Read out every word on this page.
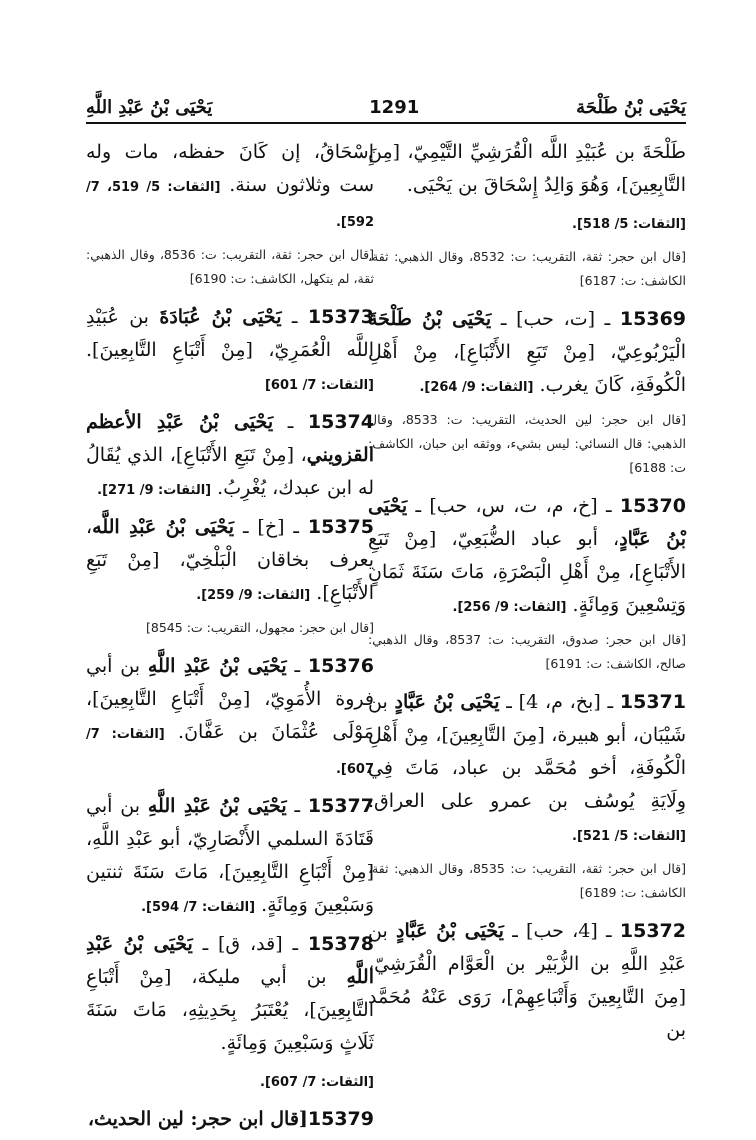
يَحْيَى بْنُ طَلْحَة
1291
يَحْيَى بْنُ عَبْدِ اللَّهِ

طَلْحَةَ بن عُبَيْدِ اللَّه الْقُرَشِيِّ التَّيْمِيّ، [مِنَ التَّابِعِينَ]، وَهُوَ وَالِدُ إِسْحَاقَ بن يَحْيَى.

[الثقات: 5/ 518].

[قال ابن حجر: ثقة، التقريب: ت: 8532، وقال الذهبي: ثقة، الكاشف: ت: 6187]

15369 ـ [ت، حب] ـ يَحْيَى بْنُ طَلْحَةَ الْيَرْبُوعِيّ، [مِنْ تَبَعِ الأَتْبَاعِ]، مِنْ أَهْلِ الْكُوفَةِ، كَانَ يغرب. [الثقات: 9/ 264].

[قال ابن حجر: لين الحديث، التقريب: ت: 8533، وقال الذهبي: قال النسائي: ليس بشيء، ووثقه ابن حبان، الكاشف: ت: 6188]

15370 ـ [خ، م، ت، س، حب] ـ يَحْيَى بْنُ عَبَّادٍ، أبو عباد الضُّبَعِيّ، [مِنْ تَبَعِ الأَتْبَاعِ]، مِنْ أَهْلِ الْبَصْرَةِ، مَاتَ سَنَةَ ثَمَانٍ وَتِسْعِينَ وَمِائَةٍ. [الثقات: 9/ 256].

[قال ابن حجر: صدوق، التقريب: ت: 8537، وقال الذهبي: صالح، الكاشف: ت: 6191]

15371 ـ [بخ، م، 4] ـ يَحْيَى بْنُ عَبَّادٍ بن شَيْبَان، أبو هبيرة، [مِنَ التَّابِعِينَ]، مِنْ أَهْلِ الْكُوفَةِ، أخو مُحَمَّد بن عباد، مَاتَ فِي وِلَايَةِ يُوسُف بن عمرو على العراق. [الثقات: 5/ 521].

[قال ابن حجر: ثقة، التقريب: ت: 8535، وقال الذهبي: ثقة، الكاشف: ت: 6189]

15372 ـ [4، حب] ـ يَحْيَى بْنُ عَبَّادٍ بن عَبْدِ اللَّهِ بن الزُّبَيْر بن الْعَوَّام الْقُرَشِيّ، [مِنَ التَّابِعِينَ وَأَتْبَاعِهِمْ]، رَوَى عَنْهُ مُحَمَّد بن

إِسْحَاقُ، إن كَانَ حفظه، مات وله ست وثلاثون سنة. [الثقات: 5/ 519، 7/ 592].

[قال ابن حجر: ثقة، التقريب: ت: 8536، وقال الذهبي: ثقة، لم يتكهل، الكاشف: ت: 6190]

15373 ـ يَحْيَى بْنُ عُبَادَةَ بن عُبَيْدِ اللَّه الْعُمَرِيّ، [مِنْ أَتْبَاعِ التَّابِعِينَ]. [الثقات: 7/ 601]

15374 ـ يَحْيَى بْنُ عَبْدِ الأعظم القزويني، [مِنْ تَبَعِ الأَتْبَاعِ]، الذي يُقَالُ له ابن عبدك، يُغْرِبُ. [الثقات: 9/ 271].

15375 ـ [خ] ـ يَحْيَى بْنُ عَبْدِ اللَّه، يعرف بخاقان الْبَلْخِيّ، [مِنْ تَبَعِ الأَتْبَاعِ]. [الثقات: 9/ 259].

[قال ابن حجر: مجهول، التقريب: ت: 8545]

15376 ـ يَحْيَى بْنُ عَبْدِ اللَّهِ بن أبي فروة الأُمَوِيّ، [مِنْ أَتْبَاعِ التَّابِعِينَ]، مَوْلَى عُثْمَانَ بن عَفَّانَ. [الثقات: 7/ 607].

15377 ـ يَحْيَى بْنُ عَبْدِ اللَّهِ بن أبي قَتَادَةَ السلمي الأَنْصَارِيّ، أبو عَبْدِ اللَّهِ، [مِنْ أَتْبَاعِ التَّابِعِينَ]، مَاتَ سَنَةَ ثنتين وَسَبْعِينَ وَمِائَةٍ. [الثقات: 7/ 594].

15378 ـ [قد، ق] ـ يَحْيَى بْنُ عَبْدِ اللَّهِ بن أبي مليكة، [مِنْ أَتْبَاعِ التَّابِعِينَ]، يُعْتَبَرُ بِحَدِيثِهِ، مَاتَ سَنَةَ ثَلَاثٍ وَسَبْعِينَ وَمِائَةٍ.

[الثقات: 7/ 607].

15379[قال ابن حجر: لين الحديث،
